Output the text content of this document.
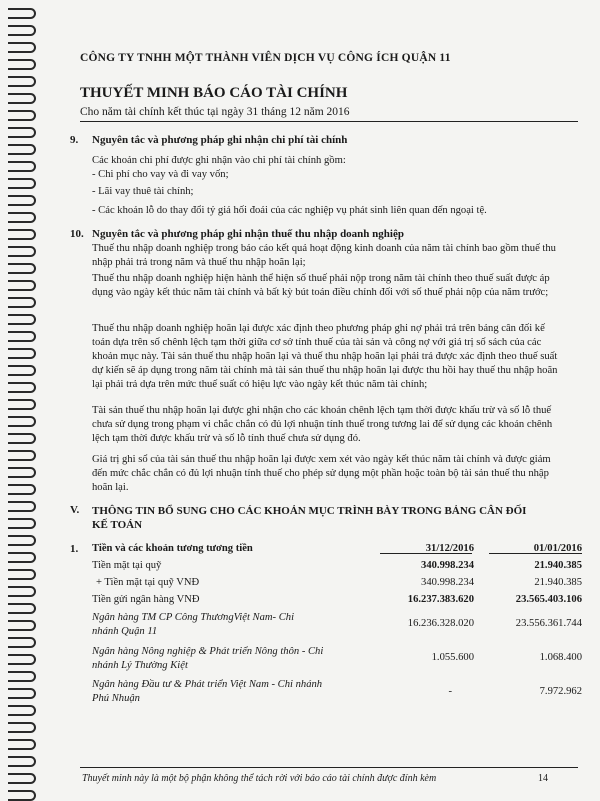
CÔNG TY TNHH MỘT THÀNH VIÊN DỊCH VỤ CÔNG ÍCH QUẬN 11
THUYẾT MINH BÁO CÁO TÀI CHÍNH
Cho năm tài chính kết thúc tại ngày 31 tháng 12 năm 2016
9. Nguyên tắc và phương pháp ghi nhận chi phí tài chính
Các khoản chi phí được ghi nhận vào chi phí tài chính gồm:
- Chi phí cho vay và đi vay vốn;
- Lãi vay thuê tài chính;
- Các khoản lỗ do thay đổi tỷ giá hối đoái của các nghiệp vụ phát sinh liên quan đến ngoại tệ.
10. Nguyên tắc và phương pháp ghi nhận thuế thu nhập doanh nghiệp
Thuế thu nhập doanh nghiệp trong báo cáo kết quả hoạt động kinh doanh của năm tài chính bao gồm thuế thu nhập phải trả trong năm và thuế thu nhập hoãn lại;
Thuế thu nhập doanh nghiệp hiện hành thể hiện số thuế phải nộp trong năm tài chính theo thuế suất được áp dụng vào ngày kết thúc năm tài chính và bất kỳ bút toán điều chỉnh đối với số thuế phải nộp của năm trước;
Thuế thu nhập doanh nghiệp hoãn lại được xác định theo phương pháp ghi nợ phải trả trên bảng cân đối kế toán dựa trên số chênh lệch tạm thời giữa cơ sở tính thuế của tài sản và công nợ với giá trị số sách của các khoản mục này. Tài sản thuế thu nhập hoãn lại và thuế thu nhập hoãn lại phải trả được xác định theo thuế suất dự kiến sẽ áp dụng trong năm tài chính mà tài sản thuế thu nhập hoãn lại được thu hồi hay thuế thu nhập hoãn lại phải trả dựa trên mức thuế suất có hiệu lực vào ngày kết thúc năm tài chính;
Tài sản thuế thu nhập hoãn lại được ghi nhận cho các khoản chênh lệch tạm thời được khấu trừ và số lỗ thuế chưa sử dụng trong phạm vi chắc chắn có đủ lợi nhuận tính thuế trong tương lai để sử dụng các khoản chênh lệch tạm thời được khấu trừ và số lỗ tính thuế chưa sử dụng đó.
Giá trị ghi sổ của tài sản thuế thu nhập hoãn lại được xem xét vào ngày kết thúc năm tài chính và được giảm đến mức chắc chắn có đủ lợi nhuận tính thuế cho phép sử dụng một phần hoặc toàn bộ tài sản thuế thu nhập hoãn lại.
V. THÔNG TIN BỔ SUNG CHO CÁC KHOẢN MỤC TRÌNH BÀY TRONG BẢNG CÂN ĐỐI KẾ TOÁN
1. Tiền và các khoản tương tương tiền	31/12/2016	01/01/2016
Tiền mặt tại quỹ	340.998.234	21.940.385
+ Tiền mặt tại quỹ VNĐ	340.998.234	21.940.385
Tiền gửi ngân hàng VNĐ	16.237.383.620	23.565.403.106
Ngân hàng TM CP Công ThươngViệt Nam- Chi nhánh Quận 11
16.236.328.020	23.556.361.744
Ngân hàng Nông nghiệp & Phát triển Nông thôn - Chi nhánh Lý Thường Kiệt
1.055.600	1.068.400
Ngân hàng Đầu tư & Phát triển Việt Nam - Chi nhánh Phú Nhuận
-	7.972.962
Thuyết minh này là một bộ phận không thể tách rời với báo cáo tài chính được đính kèm	14
